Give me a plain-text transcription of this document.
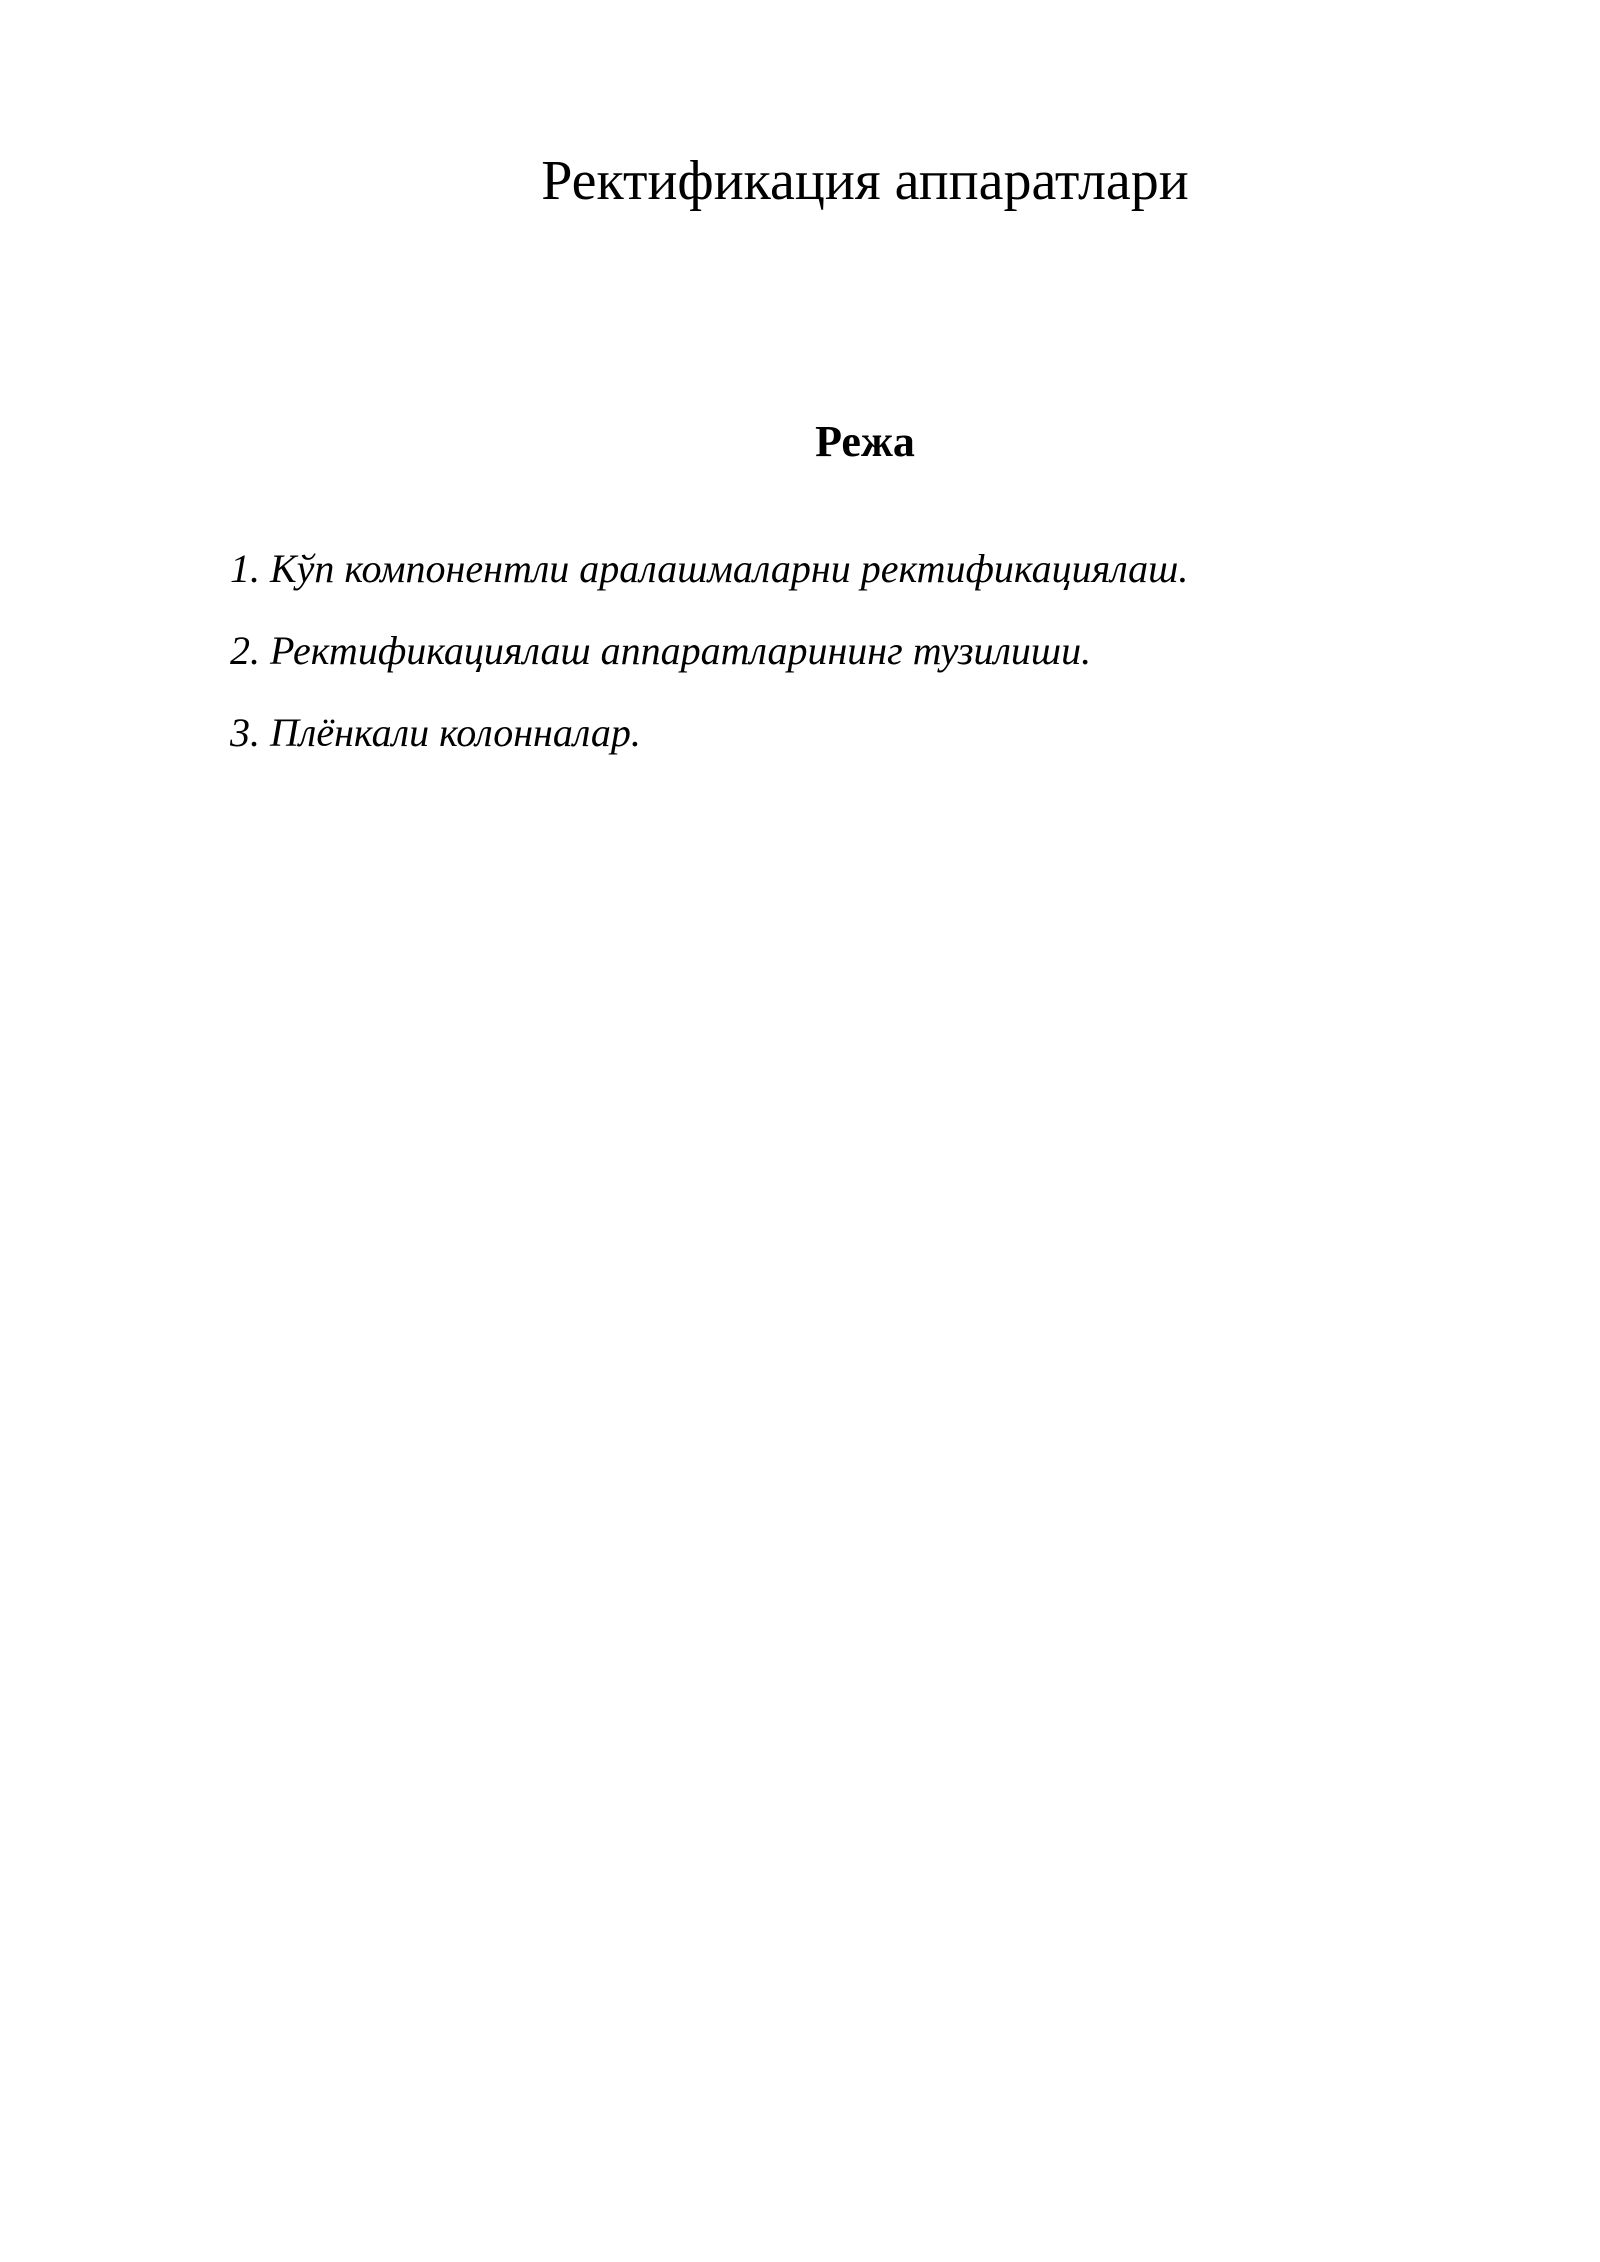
Ректификация аппаратлари
Режа
1. Кўп компонентли аралашмаларни ректификациялаш.
2. Ректификациялаш аппаратларининг тузилиши.
3. Плёнкали колонналар.
